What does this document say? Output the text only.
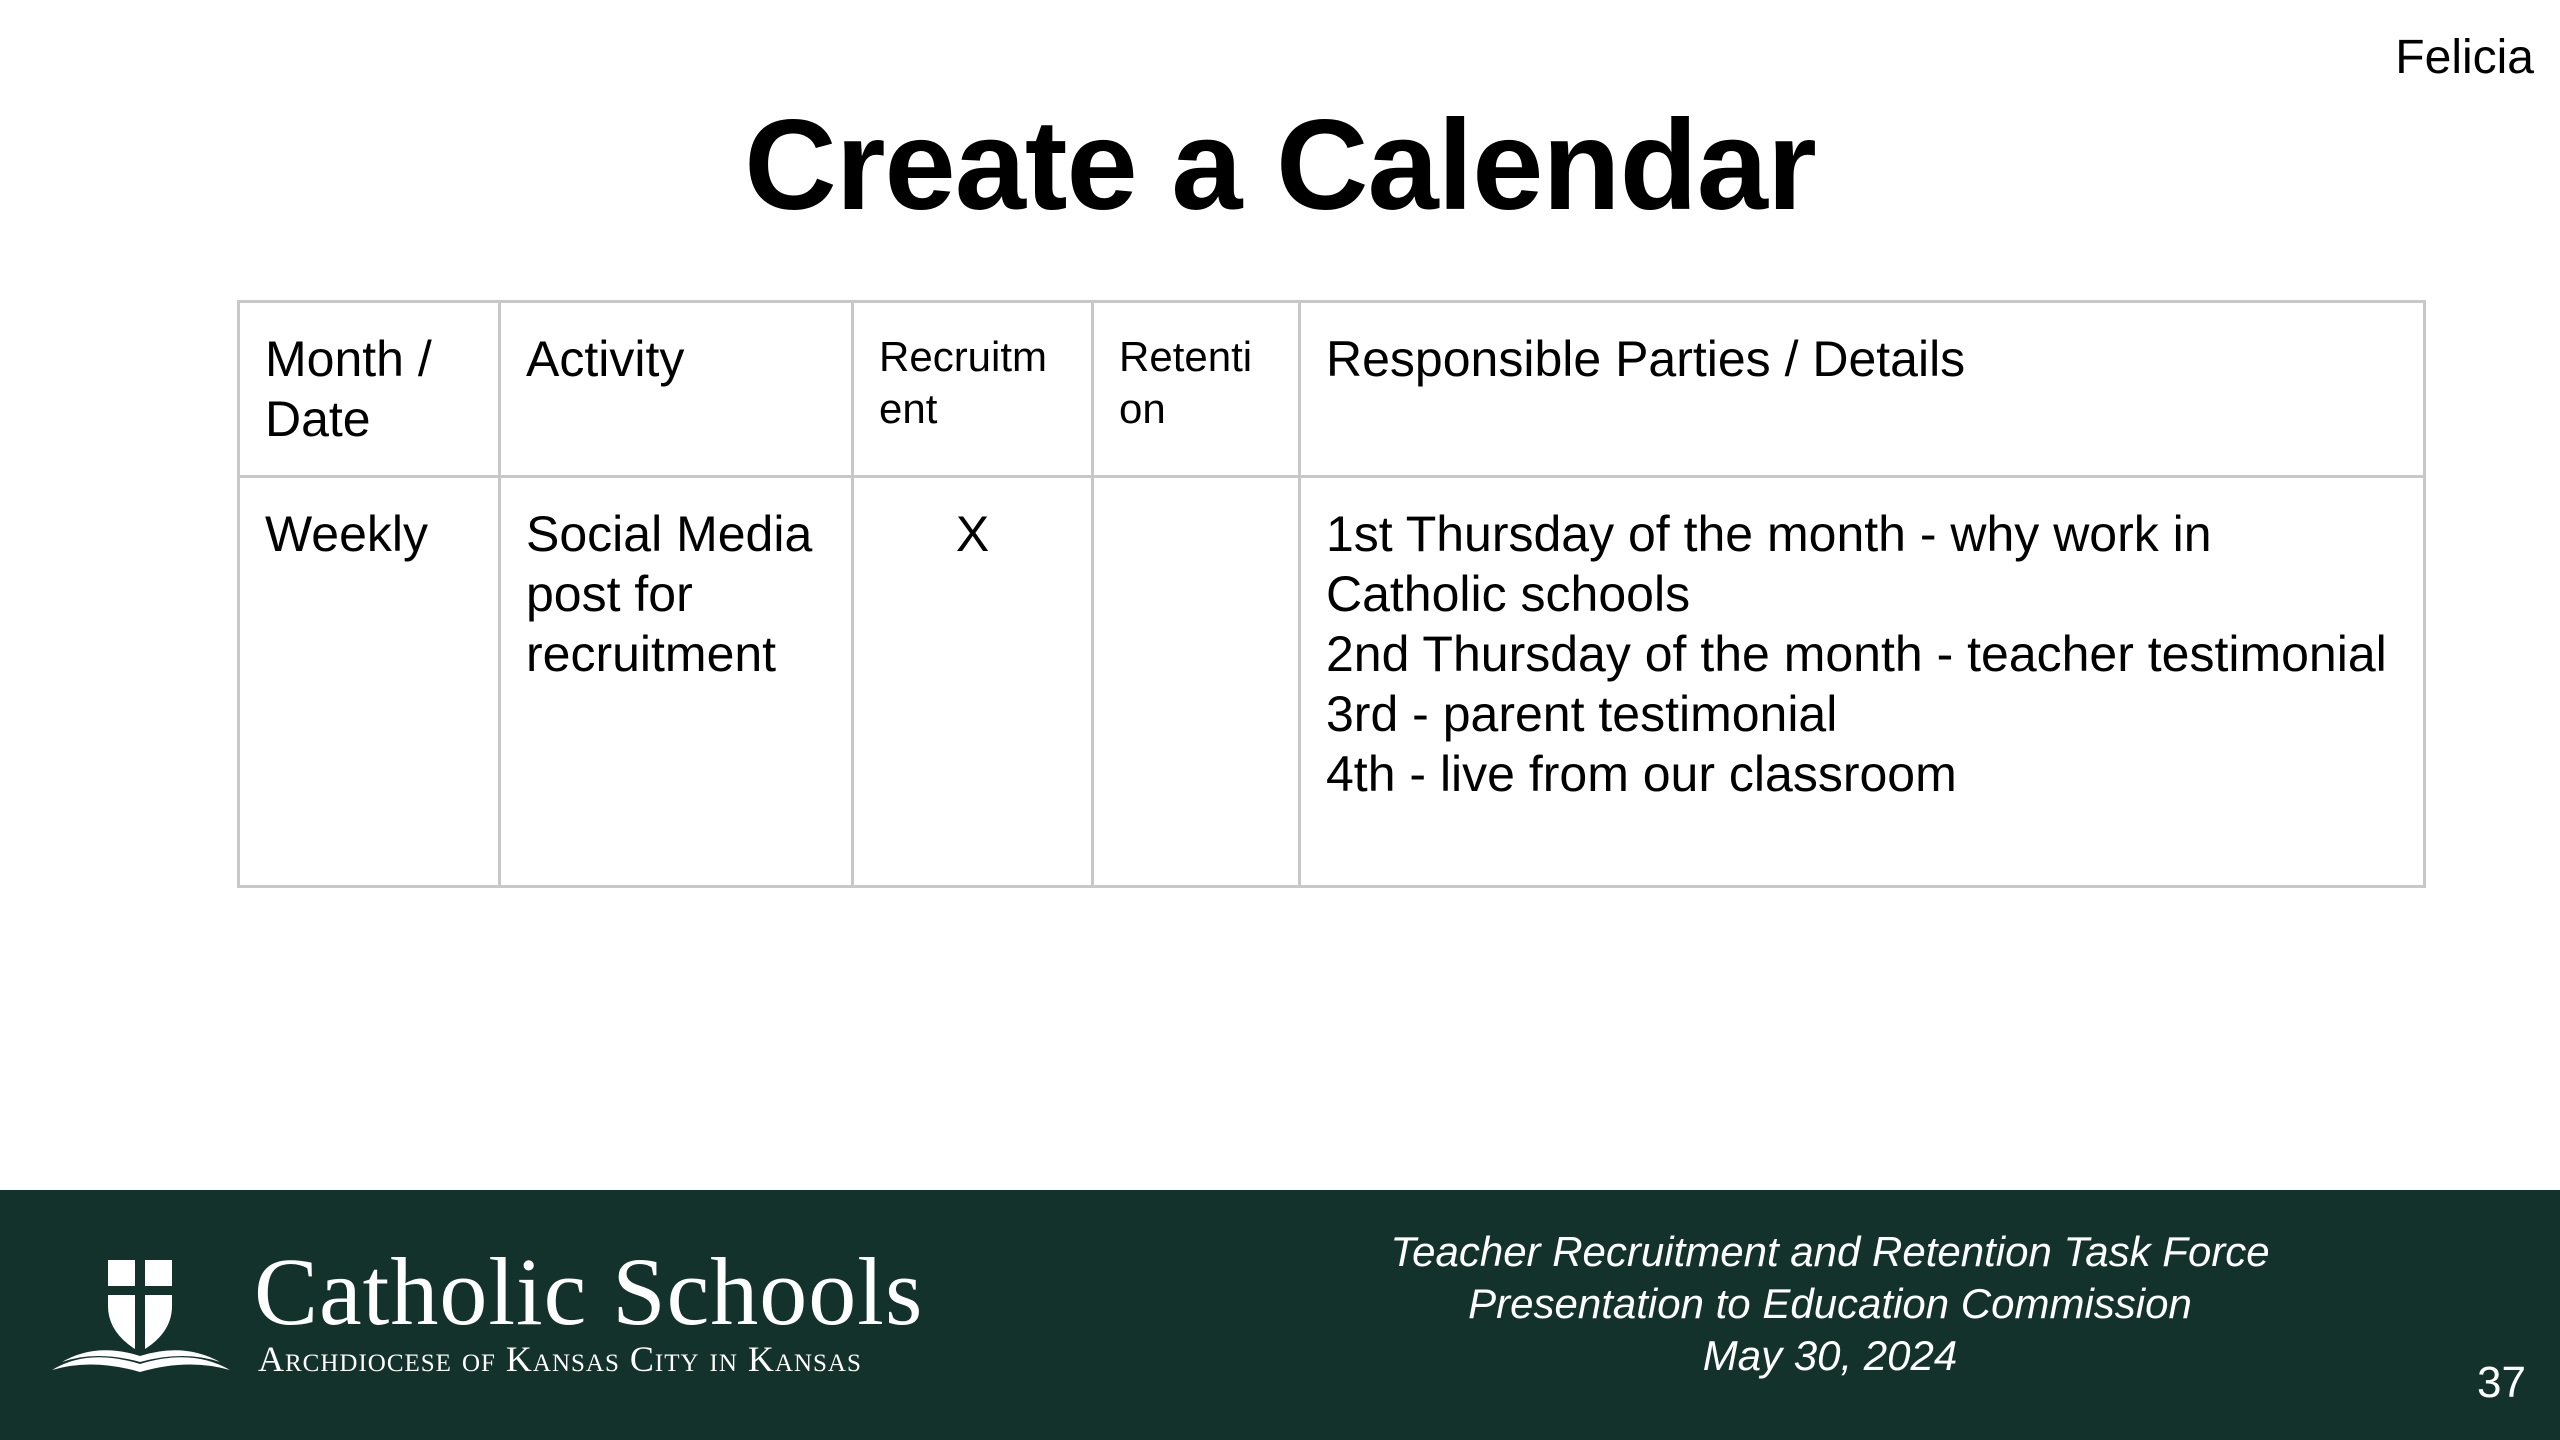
Felicia
Create a Calendar
Month / Date	Activity	Recruitment	Retention	Responsible Parties / Details
Weekly	Social Media post for recruitment	X		1st Thursday of the month - why work in
Catholic schools
2nd Thursday of the month - teacher testimonial
3rd - parent testimonial
4th - live from our classroom
Catholic Schools
Archdiocese of Kansas City in Kansas
Teacher Recruitment and Retention Task Force
Presentation to Education Commission
May 30, 2024
37
